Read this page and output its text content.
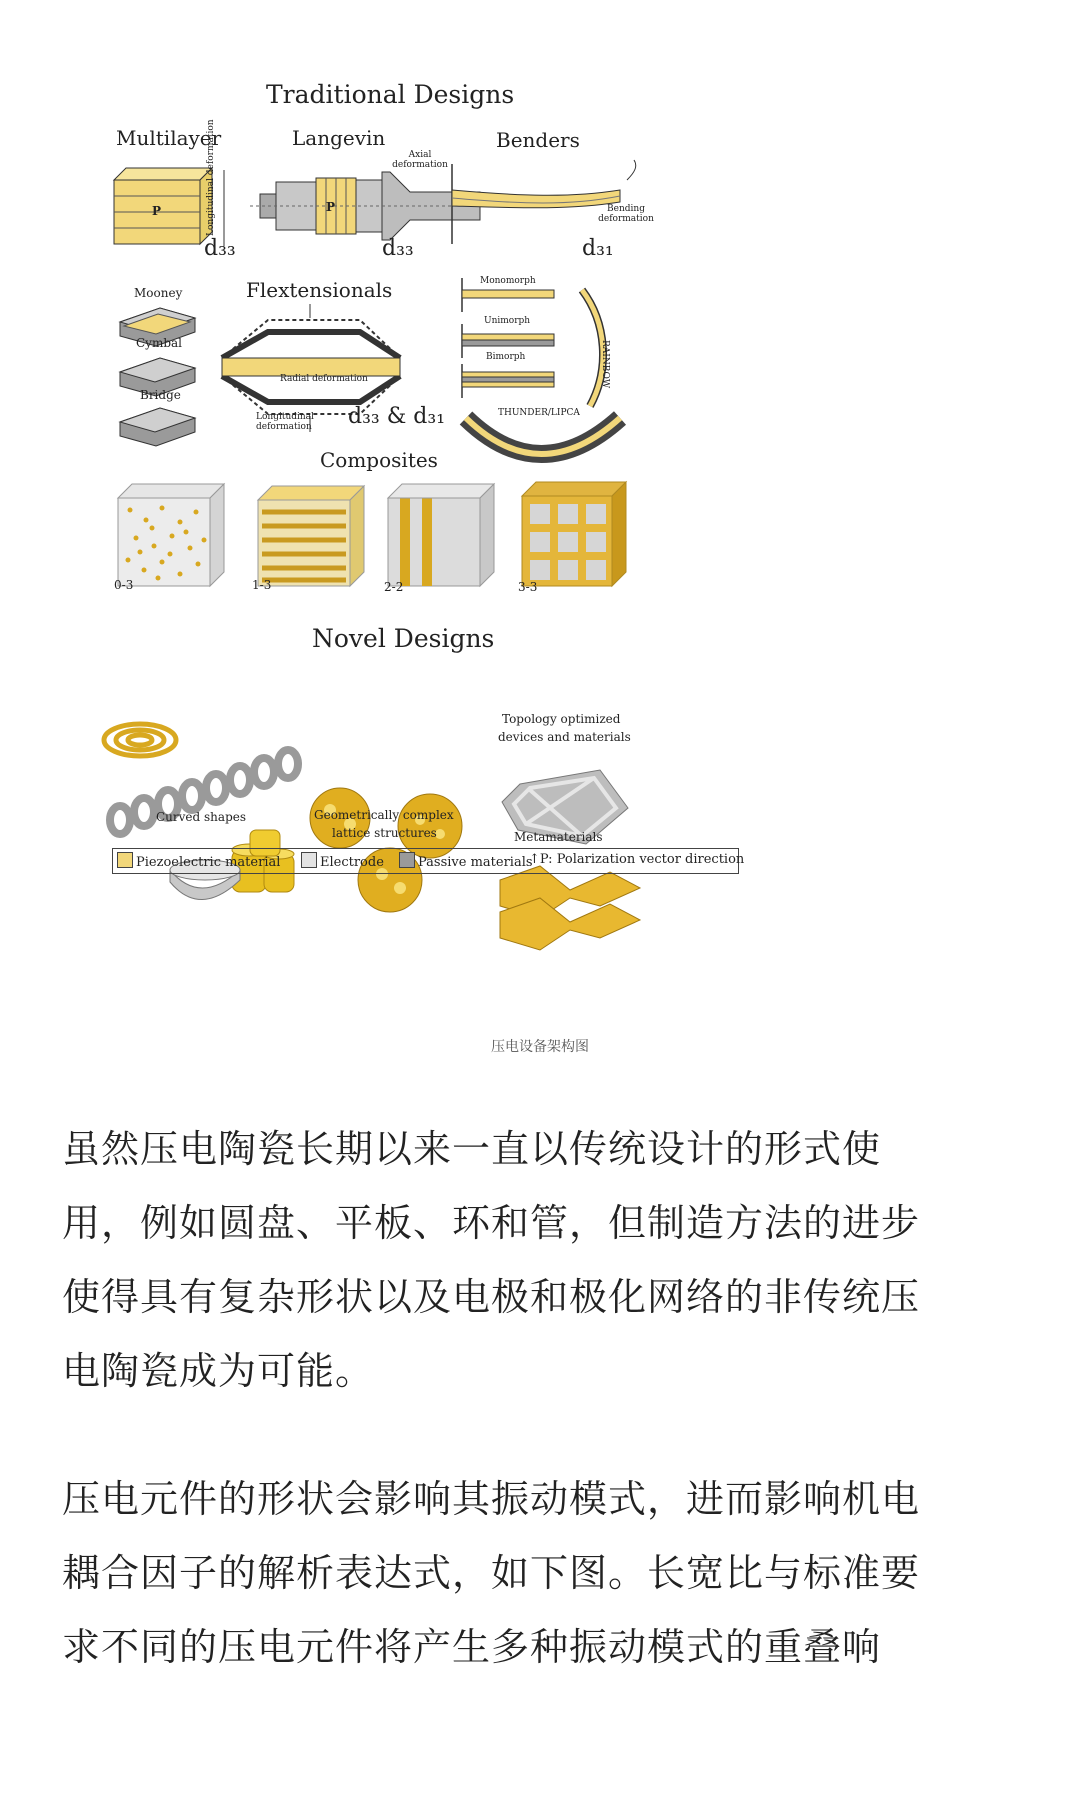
Traditional Designs
Multilayer	Langevin	Benders
Axial deformation
Longitudinal deformation	Bending deformation
P	P
d₃₃	d₃₃	d₃₁
Mooney
Cymbal
Bridge
Flextensionals
Radial deformation
Longitudinal deformation d₃₃ & d₃₁
Monomorph
Unimorph
Bimorph	RAINBOW
THUNDER/LIPCA
Composites
0-3	1-3	2-2	3-3
Novel Designs
Topology optimized
devices and materials
Curved shapes	Geometrically complex
lattice structures	Metamaterials
Piezoelectric material	Electrode	Passive materials
↑P: Polarization vector direction
压电设备架构图
虽然压电陶瓷长期以来一直以传统设计的形式使
用，例如圆盘、平板、环和管，但制造方法的进步
使得具有复杂形状以及电极和极化网络的非传统压
电陶瓷成为可能。
压电元件的形状会影响其振动模式，进而影响机电
耦合因子的解析表达式，如下图。长宽比与标准要
求不同的压电元件将产生多种振动模式的重叠响
